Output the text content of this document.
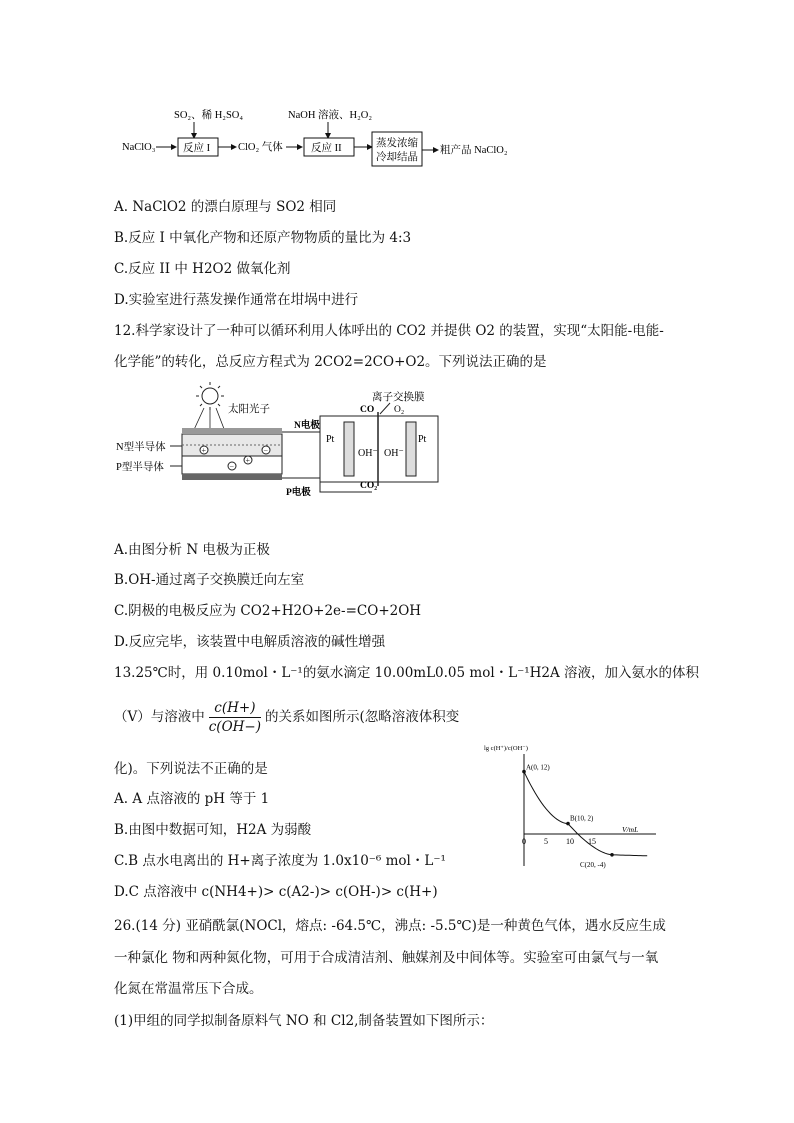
NaClO₃
SO₂、稀 H₂SO₄
反应 I	ClO₂ 气体
NaOH 溶液、H₂O₂
反应 II	蒸发浓缩
冷却结晶
粗产品 NaClO₂
A. NaClO2 的漂白原理与 SO2 相同
B.反应 I 中氧化产物和还原产物物质的量比为 4:3
C.反应 II 中 H2O2 做氧化剂
D.实验室进行蒸发操作通常在坩埚中进行
12.科学家设计了一种可以循环利用人体呼出的 CO2 并提供 O2 的装置，实现“太阳能-电能-
化学能”的转化，总反应方程式为 2CO2=2CO+O2。下列说法正确的是
太阳光子
N型半导体
P型半导体
+
−
+
−
N电极
P电极
离子交换膜
Pt	Pt
OH⁻ OH⁻
CO O₂
CO₂
A.由图分析 N 电极为正极
B.OH-通过离子交换膜迁向左室
C.阴极的电极反应为 CO2+H2O+2e-=CO+2OH
D.反应完毕，该装置中电解质溶液的碱性增强
13.25℃时，用 0.10mol・L⁻¹的氨水滴定 10.00mL0.05 mol・L⁻¹H2A 溶液，加入氨水的体积
（V）与溶液中 $\frac{c(H+)}{c(OH-)}$ 的关系如图所示(忽略溶液体积变
化)。下列说法不正确的是
A. A 点溶液的 pH 等于 1
B.由图中数据可知，H2A 为弱酸
C.B 点水电离出的 H+离子浓度为 1.0x10⁻⁶ mol・L⁻¹
D.C 点溶液中 c(NH4+)> c(A2-)> c(OH-)> c(H+)
lg c(H⁺)/c(OH⁻)
V/mL
0 5 10 15
A(0, 12)
B(10, 2)
C(20, -4)
26.(14 分) 亚硝酰氯(NOCl，熔点: -64.5℃，沸点: -5.5℃)是一种黄色气体，遇水反应生成
一种氯化 物和两种氮化物，可用于合成清洁剂、触媒剂及中间体等。实验室可由氯气与一氧
化氮在常温常压下合成。
(1)甲组的同学拟制备原料气 NO 和 Cl2,制备装置如下图所示：
